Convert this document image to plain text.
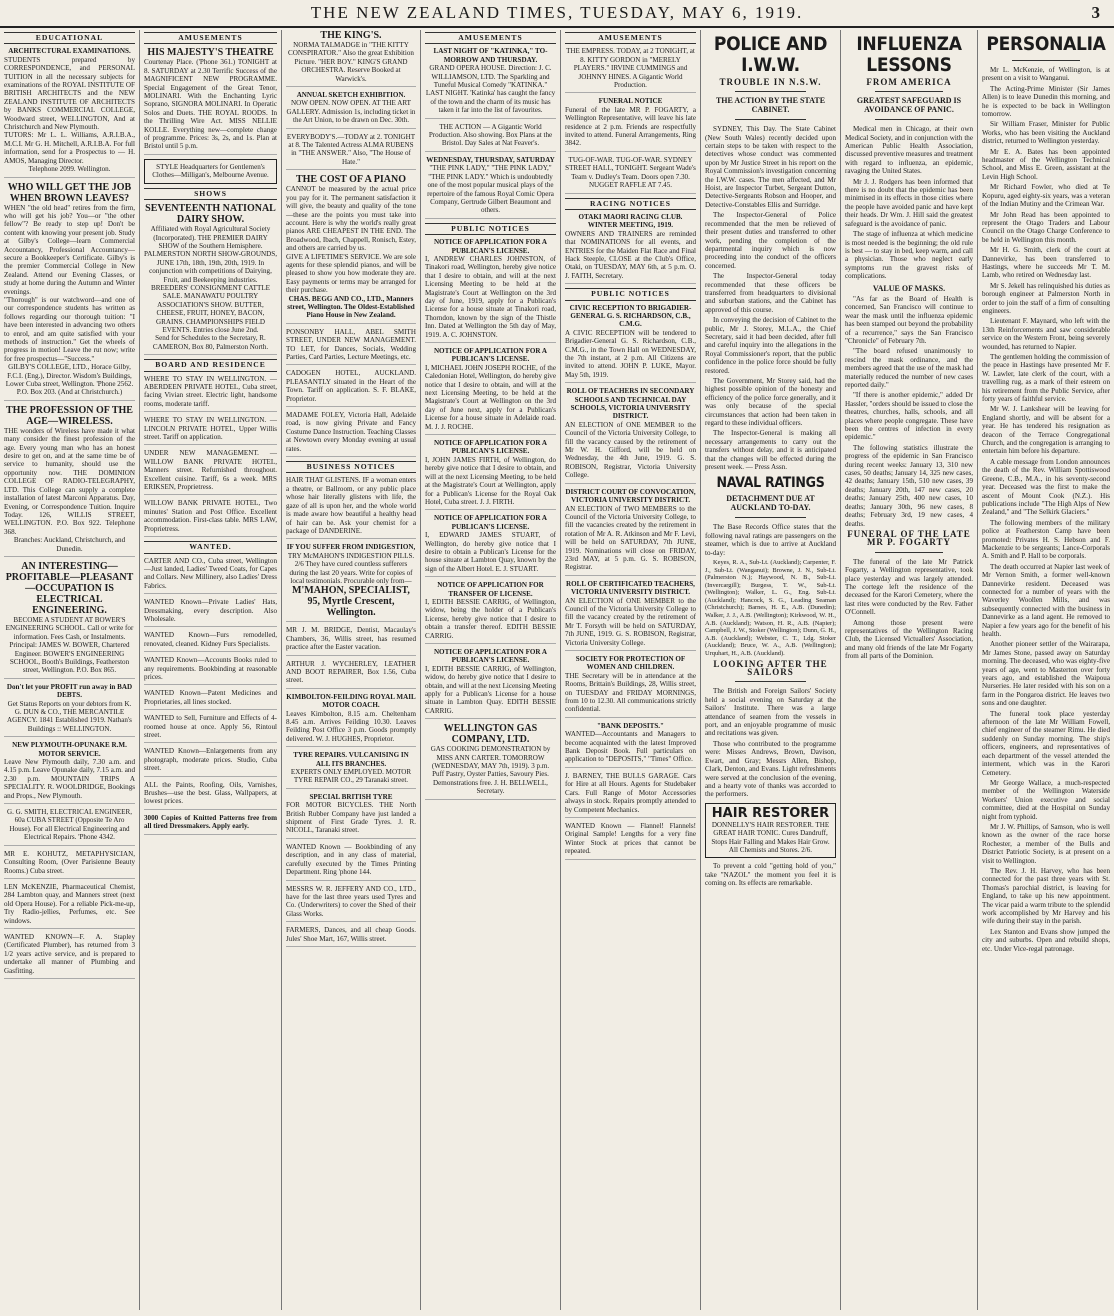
THE NEW ZEALAND TIMES, TUESDAY, MAY 6, 1919.	3
EDUCATIONAL
ARCHITECTURAL EXAMINATIONS.
STUDENTS prepared by CORRESPONDENCE, and PERSONAL TUITION in all the necessary subjects for examinations of the ROYAL INSTITUTE OF BRITISH ARCHITECTS and the NEW ZEALAND INSTITUTE OF ARCHITECTS by BANKS COMMERCIAL COLLEGE, Woodward street, WELLINGTON, And at Christchurch and New Plymouth.
TUTORS: Mr L. L. Williams, A.R.I.B.A., M.C.I. Mr G. H. Mitchell, A.R.I.B.A. For full information, send for a Prospectus to — H. AMOS, Managing Director.
Telephone 2099. Wellington.
WHO WILL GET THE JOB WHEN BROWN LEAVES?
WHEN "the old head" retires from the firm, who will get his job? You—or "the other fellow"? Be ready to step up! Don't be content with knowing your present job. Study at Gilby's College—learn Commercial Accountancy, Professional Accountancy—secure a Bookkeeper's Certificate. Gilby's is the premier Commercial College in New Zealand. Attend our Evening Classes, or study at home during the Autumn and Winter evenings.
"Thorough" is our watchword—and one of our correspondence students has written as follows regarding our thorough tuition: "I have been interested in advancing two others to enrol, and am quite satisfied with your methods of instruction." Get the wheels of progress in motion! Leave the rut now; write for free prospectus—"Success."
GILBY'S COLLEGE, LTD., Horace Gilby, F.C.I. (Eng.), Director. Wisdom's Buildings, Lower Cuba street, Wellington. 'Phone 2562. P.O. Box 203. (And at Christchurch.)
THE PROFESSION OF THE AGE—WIRELESS.
THE wonders of Wireless have made it what many consider the finest profession of the age. Every young man who has an honest desire to get on, and at the same time be of service to humanity, should use the opportunity now. THE DOMINION COLLEGE OF RADIO-TELEGRAPHY, LTD. This College can supply a complete installation of latest Marconi Apparatus. Day, Evening, or Correspondence Tuition. Inquire Today. 126, WILLIS STREET, WELLINGTON. P.O. Box 922. Telephone 368.
Branches: Auckland, Christchurch, and Dunedin.
AN INTERESTING—PROFITABLE—PLEASANT—OCCUPATION IS ELECTRICAL ENGINEERING.
BECOME A STUDENT AT BOWER'S ENGINEERING SCHOOL. Call or write for information. Fees Cash, or Instalments. Principal: JAMES W. BOWER, Chartered Engineer. BOWER'S ENGINEERING SCHOOL, Booth's Buildings, Featherston street, Wellington. P.O. Box 865.
Don't let your PROFIT run away in BAD DEBTS.
Get Status Reports on your debtors from K. G. DUN & CO., THE MERCANTILE AGENCY. 1841 Established 1919. Nathan's Buildings :: WELLINGTON.
NEW PLYMOUTH-OPUNAKE R.M. MOTOR SERVICE.
Leave New Plymouth daily, 7.30 a.m. and 4.15 p.m. Leave Opunake daily, 7.15 a.m. and 2.30 p.m. MOUNTAIN TRIPS A SPECIALITY. R. WOOLDRIDGE, Bookings and Props., New Plymouth.
G. G. SMITH, ELECTRICAL ENGINEER, 60a CUBA STREET (Opposite Te Aro House). For all Electrical Engineering and Electrical Repairs. 'Phone 4342.
MR E. KOHUTZ, METAPHYSICIAN, Consulting Room, (Over Parisienne Beauty Rooms.) Cuba street.
LEN McKENZIE, Pharmaceutical Chemist, 284 Lambton quay, and Manners street (next old Opera House). For a reliable Pick-me-up, Try Radio-jellies, Perfumes, etc. See windows.
WANTED KNOWN—F. A. Stapley (Certificated Plumber), has returned from 3 1/2 years active service, and is prepared to undertake all manner of Plumbing and Gasfitting.
AMUSEMENTS
HIS MAJESTY'S THEATRE
Courtenay Place. ('Phone 361.) TONIGHT at 8. SATURDAY at 2.30 Terrific Success of the MAGNIFICENT NEW PROGRAMME. Special Engagement of the Great Tenor, MOLINARI. With the Enchanting Lyric Soprano, SIGNORA MOLINARI. In Operatic Solos and Duets. THE ROYAL ROODS. In the Thrilling Wire Act. MISS NELLIE KOLLE. Everything new—complete change of programme. Prices: 3s, 2s, and 1s. Plan at Bristol until 5 p.m.
STYLE Headquarters for Gentlemen's Clothes—Milligan's, Melbourne Avenue.
SHOWS
SEVENTEENTH NATIONAL DAIRY SHOW.
Affiliated with Royal Agricultural Society (Incorporated). THE PREMIER DAIRY SHOW of the Southern Hemisphere. PALMERSTON NORTH SHOW-GROUNDS, JUNE 17th, 18th, 19th, 20th, 1919. In conjunction with competitions of Dairying, Fruit, and Beekeeping industries. BREEDERS' CONSIGNMENT CATTLE SALE. MANAWATU POULTRY ASSOCIATION'S SHOW. BUTTER, CHEESE, FRUIT, HONEY, BACON, GRAINS. CHAMPIONSHIPS FIELD EVENTS. Entries close June 2nd.
Send for Schedules to the Secretary, R. CAMERON, Box 80, Palmerston North.
BOARD AND RESIDENCE
WHERE TO STAY IN WELLINGTON. — ABERDEEN PRIVATE HOTEL, Cuba street, facing Vivian street. Electric light, handsome rooms, moderate tariff.
WHERE TO STAY IN WELLINGTON. — LINCOLN PRIVATE HOTEL, Upper Willis street. Tariff on application.
UNDER NEW MANAGEMENT. — WILLOW BANK PRIVATE HOTEL, Manners street. Refurnished throughout. Excellent cuisine. Tariff, 6s a week. MRS ERIKSEN, Proprietress.
WILLOW BANK PRIVATE HOTEL, Two minutes' Station and Post Office. Excellent accommodation. First-class table. MRS LAW, Proprietress.
WANTED.
CARTER AND CO., Cuba street, Wellington—Just landed, Ladies' Tweed Coats, for Capes and Collars. New Millinery, also Ladies' Dress Fabrics.
WANTED Known—Private Ladies' Hats, Dressmaking, every description. Also Wholesale.
WANTED Known—Furs remodelled, renovated, cleaned. Kidney Furs Specialists.
WANTED Known—Accounts Books ruled to any requirements. Bookbinding at reasonable prices.
WANTED Known—Patent Medicines and Proprietaries, all lines stocked.
WANTED to Sell, Furniture and Effects of 4-roomed house at once. Apply 56, Rintoul street.
WANTED Known—Enlargements from any photograph, moderate prices. Studio, Cuba street.
ALL the Paints, Roofing, Oils, Varnishes, Brushes—use the best. Glass, Wallpapers, at lowest prices.
3000 Copies of Knitted Patterns free from all tired Dressmakers. Apply early.
THE KING'S.
NORMA TALMADGE in "THE KITTY CONSPIRATOR." Also the great Exhibition Picture. "HER BOY." KING'S GRAND ORCHESTRA. Reserve Booked at Warwick's.
ANNUAL SKETCH EXHIBITION.
NOW OPEN. NOW OPEN. AT THE ART GALLERY. Admission 1s, including ticket in the Art Union, to be drawn on Dec. 30th.
EVERYBODY'S.—TODAY at 2. TONIGHT at 8. The Talented Actress ALMA RUBENS in "THE ANSWER." Also, "The House of Hate."
THE COST OF A PIANO
CANNOT be measured by the actual price you pay for it. The permanent satisfaction it will give, the beauty and quality of the tone—these are the points you must take into account. Here is why the world's really great pianos ARE CHEAPEST IN THE END. The Broadwood, Ibach, Chappell, Ronisch, Estey, and others are carried by us.
GIVE A LIFETIME'S SERVICE. We are sole agents for these splendid pianos, and will be pleased to show you how moderate they are. Easy payments or terms may be arranged for their purchase.
CHAS. BEGG AND CO., LTD., Manners street, Wellington. The Oldest-Established Piano House in New Zealand.
PONSONBY HALL, ABEL SMITH STREET, UNDER NEW MANAGEMENT. TO LET, for Dances, Socials, Wedding Parties, Card Parties, Lecture Meetings, etc.
CADOGEN HOTEL, AUCKLAND. PLEASANTLY situated in the Heart of the Town. Tariff on application. S. F. BLAKE, Proprietor.
MADAME FOLEY, Victoria Hall, Adelaide road, is now giving Private and Fancy Costume Dance Instruction. Teaching Classes at Newtown every Monday evening at usual rates.
BUSINESS NOTICES
HAIR THAT GLISTENS. IF a woman enters a theatre, or Ballroom, or any public place whose hair literally glistens with life, the gaze of all is upon her, and the whole world is made aware how beautiful a healthy head of hair can be. Ask your chemist for a package of DANDERINE.
IF YOU SUFFER FROM INDIGESTION,
TRY McMAHON'S INDIGESTION PILLS. 2/6 They have cured countless sufferers during the last 20 years. Write for copies of local testimonials. Procurable only from—
M'MAHON, SPECIALIST, 95, Myrtle Crescent, Wellington.
MR J. M. BRIDGE, Dentist, Macaulay's Chambers, 36, Willis street, has resumed practice after the Easter vacation.
ARTHUR J. WYCHERLEY, LEATHER AND BOOT REPAIRER, Box 1.56, Cuba street.
KIMBOLTON-FEILDING ROYAL MAIL MOTOR COACH.
Leaves Kimbolton, 8.15 a.m. Cheltenham 8.45 a.m. Arrives Feilding 10.30. Leaves Feilding Post Office 3 p.m. Goods promptly delivered. W. J. HUGHES, Proprietor.
TYRE REPAIRS. VULCANISING IN ALL ITS BRANCHES.
EXPERTS ONLY EMPLOYED. MOTOR TYRE REPAIR CO., 29 Taranaki street.
SPECIAL BRITISH TYRE
FOR MOTOR BICYCLES. THE North British Rubber Company have just landed a shipment of First Grade Tyres. J. R. NICOLL, Taranaki street.
WANTED Known — Bookbinding of any description, and in any class of material, carefully executed by the Times Printing Department. Ring 'phone 144.
MESSRS W. R. JEFFERY AND CO., LTD., have for the last three years used Tyres and Co. (Underwriters) to cover the Shed of their Glass Works.
FARMERS, Dances, and all cheap Goods. Jules' Shoe Mart, 167, Willis street.
AMUSEMENTS
LAST NIGHT OF "KATINKA," TO-MORROW AND THURSDAY.
GRAND OPERA HOUSE. Direction: J. C. WILLIAMSON, LTD. The Sparkling and Tuneful Musical Comedy "KATINKA." LAST NIGHT. 'Katinka' has caught the fancy of the town and the charm of its music has taken it far into the list of favourites.
THE ACTION — A Gigantic World Production. Also showing. Box Plans at the Bristol. Day Sales at Nat Feaver's.
WEDNESDAY, THURSDAY, SATURDAY
"THE PINK LADY," "THE PINK LADY," "THE PINK LADY." Which is undoubtedly one of the most popular musical plays of the repertoire of the famous Royal Comic Opera Company, Gertrude Gilbert Beaumont and others.
PUBLIC NOTICES
NOTICE OF APPLICATION FOR A PUBLICAN'S LICENSE.
I, ANDREW CHARLES JOHNSTON, of Tinakori road, Wellington, hereby give notice that I desire to obtain, and will at the next Licensing Meeting to be held at the Magistrate's Court at Wellington on the 3rd day of June, 1919, apply for a Publican's License for a house situate at Tinakori road, Thorndon, known by the sign of the Thistle Inn. Dated at Wellington the 5th day of May, 1919. A. C. JOHNSTON.
NOTICE OF APPLICATION FOR A PUBLICAN'S LICENSE.
I, MICHAEL JOHN JOSEPH ROCHE, of the Caledonian Hotel, Wellington, do hereby give notice that I desire to obtain, and will at the next Licensing Meeting, to be held at the Magistrate's Court at Wellington on the 3rd day of June next, apply for a Publican's License for a house situate in Adelaide road. M. J. J. ROCHE.
NOTICE OF APPLICATION FOR A PUBLICAN'S LICENSE.
I, JOHN JAMES FIRTH, of Wellington, do hereby give notice that I desire to obtain, and will at the next Licensing Meeting, to be held at the Magistrate's Court at Wellington, apply for a Publican's License for the Royal Oak Hotel, Cuba street. J. J. FIRTH.
NOTICE OF APPLICATION FOR A PUBLICAN'S LICENSE.
I, EDWARD JAMES STUART, of Wellington, do hereby give notice that I desire to obtain a Publican's License for the house situate at Lambton Quay, known by the sign of the Albert Hotel. E. J. STUART.
NOTICE OF APPLICATION FOR TRANSFER OF LICENSE.
I, EDITH BESSIE CARRIG, of Wellington, widow, being the holder of a Publican's License, hereby give notice that I desire to obtain a transfer thereof. EDITH BESSIE CARRIG.
NOTICE OF APPLICATION FOR A PUBLICAN'S LICENSE.
I, EDITH BESSIE CARRIG, of Wellington, widow, do hereby give notice that I desire to obtain, and will at the next Licensing Meeting apply for a Publican's License for a house situate in Lambton Quay. EDITH BESSIE CARRIG.
WELLINGTON GAS COMPANY, LTD.
GAS COOKING DEMONSTRATION by MISS ANN CARTER. TOMORROW (WEDNESDAY, MAY 7th, 1919). 3 p.m. Puff Pastry, Oyster Patties, Savoury Pies. Demonstrations free. J. H. BELLWELL, Secretary.
AMUSEMENTS
THE EMPRESS. TODAY, at 2 TONIGHT, at 8. KITTY GORDON in "MERELY PLAYERS." IRVINE CUMMINGS and JOHNNY HINES. A Gigantic World Production.
FUNERAL NOTICE
Funeral of the late MR P. FOGARTY, a Wellington Representative, will leave his late residence at 2 p.m. Friends are respectfully invited to attend. Funeral Arrangements, Ring 3842.
TUG-OF-WAR. TUG-OF-WAR. SYDNEY STREET HALL, TONIGHT. Sergeant Wade's Team v. Dudley's Team. Doors open 7.30. NUGGET RAFFLE AT 7.45.
RACING NOTICES
OTAKI MAORI RACING CLUB. WINTER MEETING, 1919.
OWNERS AND TRAINERS are reminded that NOMINATIONS for all events, and ENTRIES for the Maiden Flat Race and Final Hack Steeple, CLOSE at the Club's Office, Otaki, on TUESDAY, MAY 6th, at 5 p.m. O. J. FAITH, Secretary.
PUBLIC NOTICES
CIVIC RECEPTION TO BRIGADIER-GENERAL G. S. RICHARDSON, C.B., C.M.G.
A CIVIC RECEPTION will be tendered to Brigadier-General G. S. Richardson, C.B., C.M.G., in the Town Hall on WEDNESDAY, the 7th instant, at 2 p.m. All Citizens are invited to attend. JOHN P. LUKE, Mayor. May 5th, 1919.
ROLL OF TEACHERS IN SECONDARY SCHOOLS AND TECHNICAL DAY SCHOOLS, VICTORIA UNIVERSITY DISTRICT.
AN ELECTION of ONE MEMBER to the Council of the Victoria University College, to fill the vacancy caused by the retirement of Mr W. H. Gifford, will be held on Wednesday, the 4th June, 1919. G. S. ROBISON, Registrar, Victoria University College.
DISTRICT COURT OF CONVOCATION, VICTORIA UNIVERSITY DISTRICT.
AN ELECTION of TWO MEMBERS to the Council of the Victoria University College, to fill the vacancies created by the retirement in rotation of Mr A. R. Atkinson and Mr F. Levi, will be held on SATURDAY, 7th JUNE, 1919. Nominations will close on FRIDAY, 23rd MAY, at 5 p.m. G. S. ROBISON, Registrar.
ROLL OF CERTIFICATED TEACHERS, VICTORIA UNIVERSITY DISTRICT.
AN ELECTION of ONE MEMBER to the Council of the Victoria University College to fill the vacancy created by the retirement of Mr T. Forsyth will be held on SATURDAY, 7th JUNE, 1919. G. S. ROBISON, Registrar, Victoria University College.
SOCIETY FOR PROTECTION OF WOMEN AND CHILDREN.
THE Secretary will be in attendance at the Rooms, Brittain's Buildings, 28, Willis street, on TUESDAY and FRIDAY MORNINGS, from 10 to 12.30. All communications strictly confidential.
"BANK DEPOSITS."
WANTED—Accountants and Managers to become acquainted with the latest Improved Bank Deposit Book. Full particulars on application to "DEPOSITS," "Times" Office.
J. BARNEY, THE BULLS GARAGE. Cars for Hire at all Hours. Agents for Studebaker Cars. Full Range of Motor Accessories always in stock. Repairs promptly attended to by Competent Mechanics.
WANTED Known — Flannel! Flannels! Original Sample! Lengths for a very fine Winter Stock at prices that cannot be repeated.
POLICE AND I.W.W.
TROUBLE IN N.S.W.
THE ACTION BY THE STATE CABINET.

SYDNEY, This Day. The State Cabinet (New South Wales) recently decided upon certain steps to be taken with respect to the detectives whose conduct was commented upon by Mr Justice Street in his report on the Royal Commission's investigation concerning the I.W.W. cases. The men affected, and Mr Hoist, are Inspector Turbet, Sergeant Dutton, Detective-Sergeants Robson and Hooper, and Detective-Constables Ellis and Surridge.

The Inspector-General of Police recommended that the men be relieved of their present duties and transferred to other work, pending the completion of the departmental inquiry which is now proceeding into the conduct of the officers concerned.

The Inspector-General today recommended that these officers be transferred from headquarters to divisional and suburban stations, and the Cabinet has approved of this course.

In conveying the decision of Cabinet to the public, Mr J. Storey, M.L.A., the Chief Secretary, said it had been decided, after full and careful inquiry into the allegations in the Royal Commissioner's report, that the public confidence in the police force should be fully restored.

The Government, Mr Storey said, had the highest possible opinion of the honesty and efficiency of the police force generally, and it was only because of the special circumstances that action had been taken in regard to these individual officers.

The Inspector-General is making all necessary arrangements to carry out the transfers without delay, and it is anticipated that the changes will be effected during the present week. — Press Assn.

NAVAL RATINGS
DETACHMENT DUE AT AUCKLAND TO-DAY.

The Base Records Office states that the following naval ratings are passengers on the steamer, which is due to arrive at Auckland to-day:

Keyes, R. A., Sub-Lt. (Auckland); Carpenter, F. J., Sub-Lt. (Wanganui); Browne, J. N., Sub-Lt. (Palmerston N.); Haywood, N. B., Sub-Lt. (Invercargill); Burgess, T. W., Sub-Lt. (Wellington); Walker, L. G., Eng. Sub-Lt. (Auckland); Hancock, S. G., Leading Seaman (Christchurch); Barnes, H. E., A.B. (Dunedin); Walker, J. J., A.B. (Wellington); Kirkwood, W. H., A.B. (Auckland); Watson, H. R., A.B. (Napier); Campbell, J. W., Stoker (Wellington); Dunn, G. H., A.B. (Auckland); Webster, C. T., Ldg. Stoker (Auckland); Bruce, W. A., A.B. (Wellington); Urquhart, H., A.B. (Auckland).

LOOKING AFTER THE SAILORS

The British and Foreign Sailors' Society held a social evening on Saturday at the Sailors' Institute. There was a large attendance of seamen from the vessels in port, and an enjoyable programme of music and recitations was given.

Those who contributed to the programme were: Misses Andrews, Brown, Davison, Ewart, and Gray; Messrs Allen, Bishop, Clark, Denton, and Evans. Light refreshments were served at the conclusion of the evening, and a hearty vote of thanks was accorded to the performers.

HAIR RESTORER
DONNELLY'S HAIR RESTORER. THE GREAT HAIR TONIC. Cures Dandruff, Stops Hair Falling and Makes Hair Grow. All Chemists and Stores. 2/6.

To prevent a cold "getting hold of you," take "NAZOL" the moment you feel it is coming on. Its effects are remarkable.

INFLUENZA LESSONS
FROM AMERICA
GREATEST SAFEGUARD IS AVOIDANCE OF PANIC.

Medical men in Chicago, at their own Medical Society, and in conjunction with the American Public Health Association, discussed preventive measures and treatment with regard to influenza, an epidemic, ravaging the United States.

Mr J. J. Rodgers has been informed that there is no doubt that the epidemic has been minimised in its effects in those cities where the people have avoided panic and have kept their heads. Dr Wm. J. Hill said the greatest safeguard is the avoidance of panic.

The stage of influenza at which medicine is most needed is the beginning; the old rule is best — to stay in bed, keep warm, and call a physician. Those who neglect early symptoms run the gravest risks of complications.

VALUE OF MASKS.

"As far as the Board of Health is concerned, San Francisco will continue to wear the mask until the influenza epidemic has been stamped out beyond the probability of a recurrence," says the San Francisco "Chronicle" of February 7th.

"The board refused unanimously to rescind the mask ordinance, and the members agreed that the use of the mask had materially reduced the number of new cases reported daily."

"If there is another epidemic," added Dr Hassler, "orders should be issued to close the theatres, churches, halls, schools, and all places where people congregate. These have been the centres of infection in every epidemic."

The following statistics illustrate the progress of the epidemic in San Francisco during recent weeks: January 13, 310 new cases, 50 deaths; January 14, 325 new cases, 42 deaths; January 15th, 510 new cases, 39 deaths; January 20th, 147 new cases, 20 deaths; January 25th, 400 new cases, 10 deaths; January 30th, 96 new cases, 8 deaths; February 3rd, 19 new cases, 4 deaths.

FUNERAL OF THE LATE MR P. FOGARTY

The funeral of the late Mr Patrick Fogarty, a Wellington representative, took place yesterday and was largely attended. The cortege left the residence of the deceased for the Karori Cemetery, where the last rites were conducted by the Rev. Father O'Connell.

Among those present were representatives of the Wellington Racing Club, the Licensed Victuallers' Association, and many old friends of the late Mr Fogarty from all parts of the Dominion.

PERSONALIA

Mr L. McKenzie, of Wellington, is at present on a visit to Wanganui.

The Acting-Prime Minister (Sir James Allen) is to leave Dunedin this morning, and he is expected to be back in Wellington tomorrow.

Sir William Fraser, Minister for Public Works, who has been visiting the Auckland district, returned to Wellington yesterday.

Mr E. A. Bates has been appointed headmaster of the Wellington Technical School, and Miss E. Green, assistant at the Levin High School.

Mr Richard Fowler, who died at Te Kopuru, aged eighty-six years, was a veteran of the Indian Mutiny and the Crimean War.

Mr John Read has been appointed to represent the Otago Traders and Labour Council on the Otago Charge Conference to be held in Wellington this month.

Mr H. G. Smith, clerk of the court at Dannevirke, has been transferred to Hastings, where he succeeds Mr T. M. Lamb, who retired on Wednesday last.

Mr S. Jekell has relinquished his duties as borough engineer at Palmerston North in order to join the staff of a firm of consulting engineers.

Lieutenant F. Maynard, who left with the 13th Reinforcements and saw considerable service on the Western Front, being severely wounded, has returned to Napier.

The gentlemen holding the commission of the peace in Hastings have presented Mr F. W. Lawler, late clerk of the court, with a travelling rug, as a mark of their esteem on his retirement from the Public Service, after forty years of faithful service.

Mr W. J. Lankshear will be leaving for England shortly, and will be absent for a year. He has tendered his resignation as deacon of the Terrace Congregational Church, and the congregation is arranging to entertain him before his departure.

A cable message from London announces the death of the Rev. William Spottiswood Greene, C.B., M.A., in his seventy-second year. Deceased was the first to make the ascent of Mount Cook (N.Z.). His publications include "The High Alps of New Zealand," and "The Selkirk Glaciers."

The following members of the military police at Featherston Camp have been promoted: Privates H. S. Hebson and F. Mackenzie to be sergeants; Lance-Corporals A. Smith and P. Hall to be corporals.

The death occurred at Napier last week of Mr Vernon Smith, a former well-known Dannevirke resident. Deceased was connected for a number of years with the Waverley Woollen Mills, and was subsequently connected with the business in Dannevirke as a land agent. He removed to Napier a few years ago for the benefit of his health.

Another pioneer settler of the Wairarapa, Mr James Stone, passed away on Saturday morning. The deceased, who was eighty-five years of age, went to Masterton over forty years ago, and established the Waipoua Nurseries. He later resided with his son on a farm in the Pongaroa district. He leaves two sons and one daughter.

The funeral took place yesterday afternoon of the late Mr William Fowell, chief engineer of the steamer Rimu. He died suddenly on Sunday morning. The ship's officers, engineers, and representatives of each department of the vessel attended the interment, which was in the Karori Cemetery.

Mr George Wallace, a much-respected member of the Wellington Waterside Workers' Union executive and social committee, died at the Hospital on Sunday night from typhoid.

Mr J. W. Phillips, of Samson, who is well known as the owner of the race horse Rochester, a member of the Bulls and District Patriotic Society, is at present on a visit to Wellington.

The Rev. J. H. Harvey, who has been connected for the past three years with St. Thomas's parochial district, is leaving for England, to take up his new appointment. The vicar paid a warm tribute to the splendid work accomplished by Mr Harvey and his wife during their stay in the parish.

Lex Stanton and Evans show jumped the city and suburbs. Open and rebuild shops, etc. Under Vice-regal patronage.
